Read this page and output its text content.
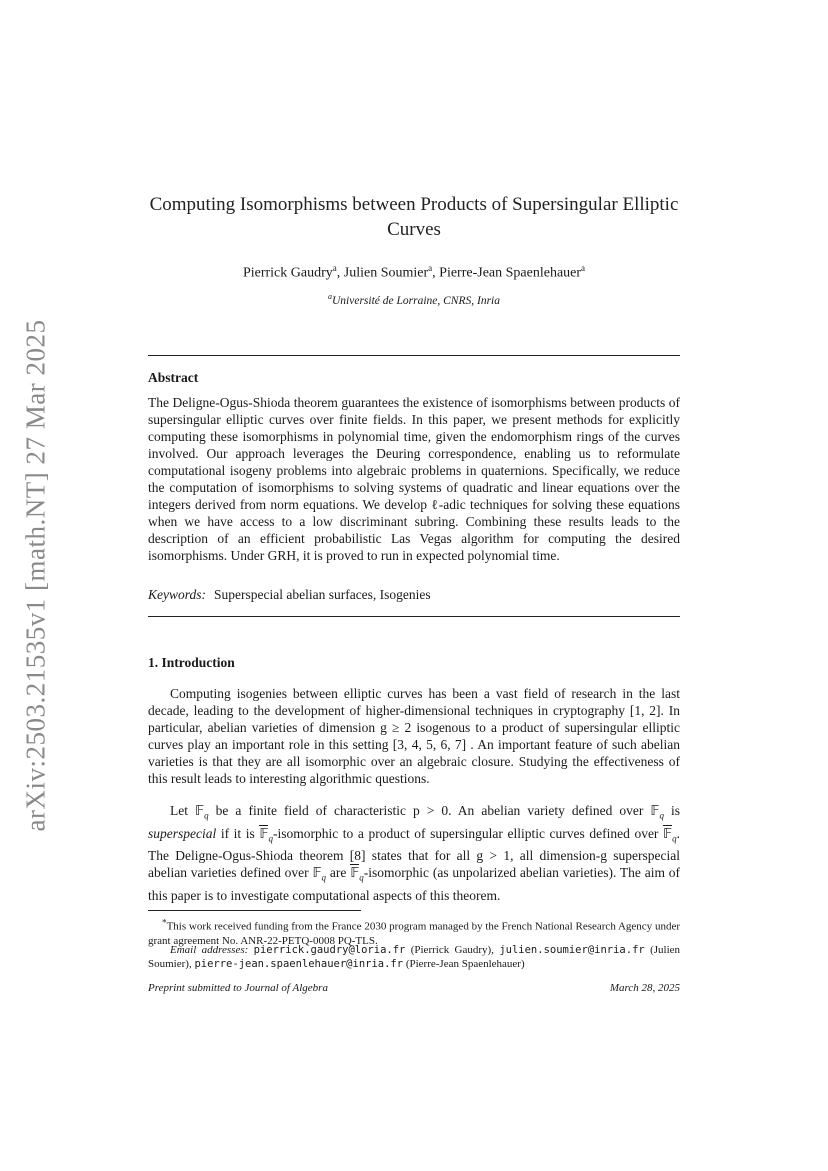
arXiv:2503.21535v1 [math.NT] 27 Mar 2025
Computing Isomorphisms between Products of Supersingular Elliptic Curves
Pierrick Gaudry$^a$, Julien Soumier$^a$, Pierre-Jean Spaenlehauer$^a$
$^a$Université de Lorraine, CNRS, Inria
Abstract
The Deligne-Ogus-Shioda theorem guarantees the existence of isomorphisms between products of supersingular elliptic curves over finite fields. In this paper, we present methods for explicitly computing these isomorphisms in polynomial time, given the endomorphism rings of the curves involved. Our approach leverages the Deuring correspondence, enabling us to reformulate computational isogeny problems into algebraic problems in quaternions. Specifically, we reduce the computation of isomorphisms to solving systems of quadratic and linear equations over the integers derived from norm equations. We develop ℓ-adic techniques for solving these equations when we have access to a low discriminant subring. Combining these results leads to the description of an efficient probabilistic Las Vegas algorithm for computing the desired isomorphisms. Under GRH, it is proved to run in expected polynomial time.
Keywords: Superspecial abelian surfaces, Isogenies
1. Introduction
Computing isogenies between elliptic curves has been a vast field of research in the last decade, leading to the development of higher-dimensional techniques in cryptography [1, 2]. In particular, abelian varieties of dimension g ≥ 2 isogenous to a product of supersingular elliptic curves play an important role in this setting [3, 4, 5, 6, 7] . An important feature of such abelian varieties is that they are all isomorphic over an algebraic closure. Studying the effectiveness of this result leads to interesting algorithmic questions.
Let 𝔽$_q$ be a finite field of characteristic p > 0. An abelian variety defined over 𝔽$_q$ is superspecial if it is 𝔽$_q$-isomorphic to a product of supersingular elliptic curves defined over 𝔽$_q$. The Deligne-Ogus-Shioda theorem [8] states that for all g > 1, all dimension-g superspecial abelian varieties defined over 𝔽$_q$ are 𝔽$_q$-isomorphic (as unpolarized abelian varieties). The aim of this paper is to investigate computational aspects of this theorem.
*This work received funding from the France 2030 program managed by the French National Research Agency under grant agreement No. ANR-22-PETQ-0008 PQ-TLS.
Email addresses: pierrick.gaudry@loria.fr (Pierrick Gaudry), julien.soumier@inria.fr (Julien Soumier), pierre-jean.spaenlehauer@inria.fr (Pierre-Jean Spaenlehauer)
Preprint submitted to Journal of Algebra	March 28, 2025
